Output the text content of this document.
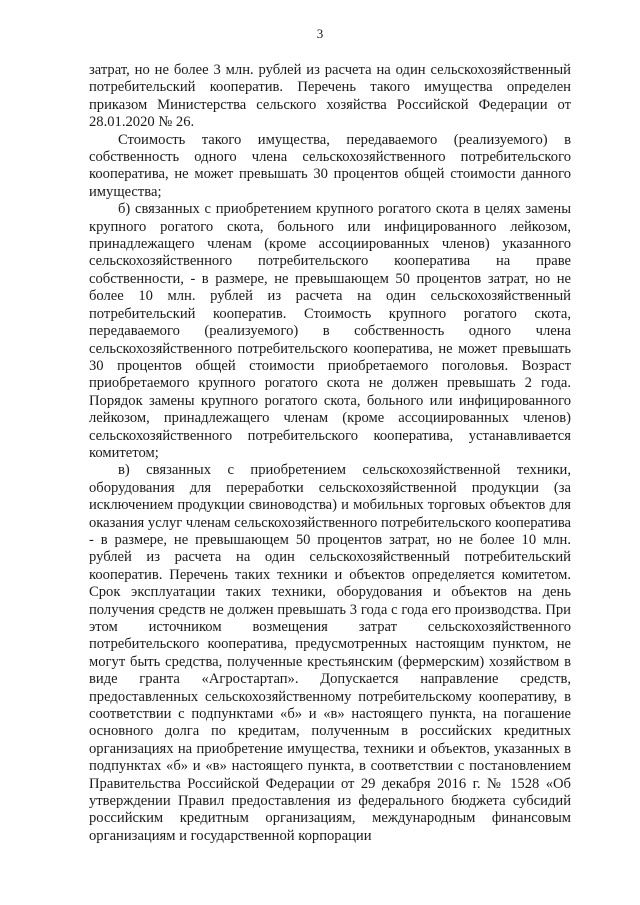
3

затрат, но не более 3 млн. рублей из расчета на один сельскохозяйственный потребительский кооператив. Перечень такого имущества определен приказом Министерства сельского хозяйства Российской Федерации от 28.01.2020 № 26.

Стоимость такого имущества, передаваемого (реализуемого) в собственность одного члена сельскохозяйственного потребительского кооператива, не может превышать 30 процентов общей стоимости данного имущества;

б) связанных с приобретением крупного рогатого скота в целях замены крупного рогатого скота, больного или инфицированного лейкозом, принадлежащего членам (кроме ассоциированных членов) указанного сельскохозяйственного потребительского кооператива на праве собственности, - в размере, не превышающем 50 процентов затрат, но не более 10 млн. рублей из расчета на один сельскохозяйственный потребительский кооператив. Стоимость крупного рогатого скота, передаваемого (реализуемого) в собственность одного члена сельскохозяйственного потребительского кооператива, не может превышать 30 процентов общей стоимости приобретаемого поголовья. Возраст приобретаемого крупного рогатого скота не должен превышать 2 года. Порядок замены крупного рогатого скота, больного или инфицированного лейкозом, принадлежащего членам (кроме ассоциированных членов) сельскохозяйственного потребительского кооператива, устанавливается комитетом;

в) связанных с приобретением сельскохозяйственной техники, оборудования для переработки сельскохозяйственной продукции (за исключением продукции свиноводства) и мобильных торговых объектов для оказания услуг членам сельскохозяйственного потребительского кооператива - в размере, не превышающем 50 процентов затрат, но не более 10 млн. рублей из расчета на один сельскохозяйственный потребительский кооператив. Перечень таких техники и объектов определяется комитетом. Срок эксплуатации таких техники, оборудования и объектов на день получения средств не должен превышать 3 года с года его производства. При этом источником возмещения затрат сельскохозяйственного потребительского кооператива, предусмотренных настоящим пунктом, не могут быть средства, полученные крестьянским (фермерским) хозяйством в виде гранта «Агростартап». Допускается направление средств, предоставленных сельскохозяйственному потребительскому кооперативу, в соответствии с подпунктами «б» и «в» настоящего пункта, на погашение основного долга по кредитам, полученным в российских кредитных организациях на приобретение имущества, техники и объектов, указанных в подпунктах «б» и «в» настоящего пункта, в соответствии с постановлением Правительства Российской Федерации от 29 декабря 2016 г. № 1528 «Об утверждении Правил предоставления из федерального бюджета субсидий российским кредитным организациям, международным финансовым организациям и государственной корпорации
